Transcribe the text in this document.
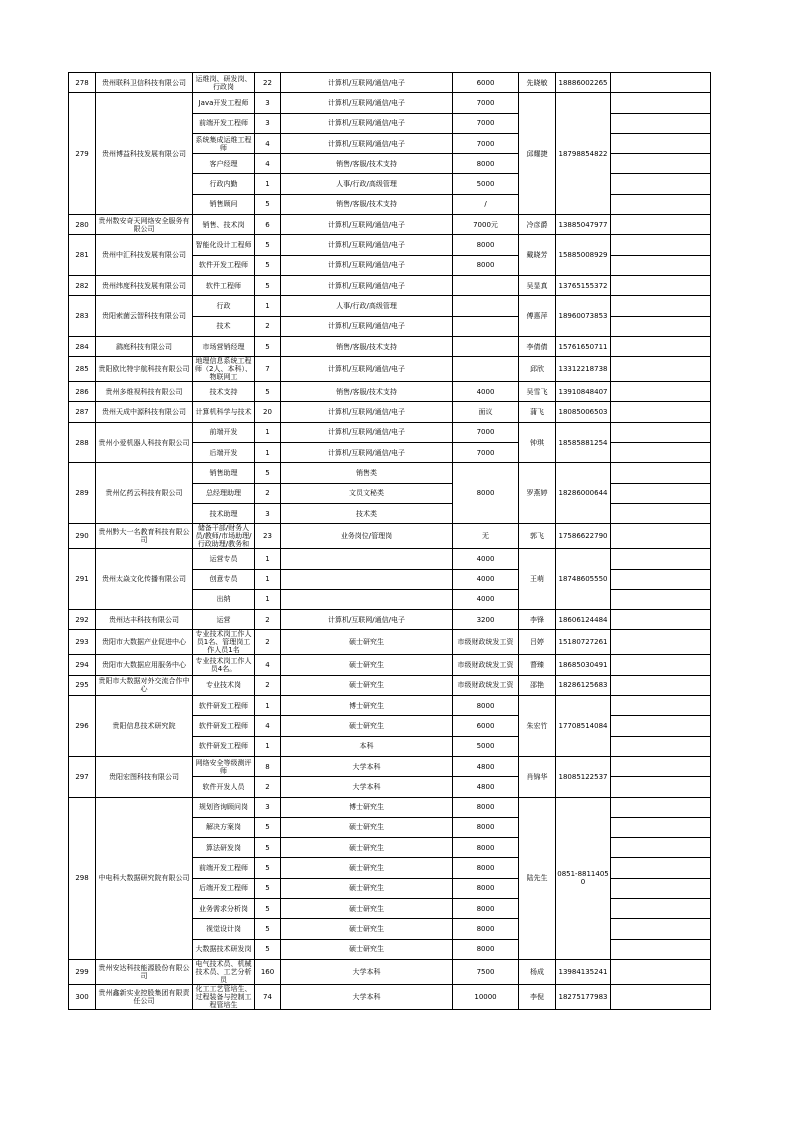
278	贵州联科卫信科技有限公司	运维岗、研发岗、行政岗	22	计算机/互联网/通信/电子	6000	先晓敏	18886002265	
279	贵州博益科技发展有限公司	Java开发工程师	3	计算机/互联网/通信/电子	7000	邱耀捷	18798854822	
		前端开发工程师	3	计算机/互联网/通信/电子	7000			
		系统集成运维工程师	4	计算机/互联网/通信/电子	7000			
		客户经理	4	销售/客服/技术支持	8000			
		行政内勤	1	人事/行政/高级管理	5000			
		销售顾问	5	销售/客服/技术支持	/			
280	贵州数安奇天网络安全服务有限公司	销售、技术岗	6	计算机/互联网/通信/电子	7000元	冷彦爵	13885047977	
281	贵州中汇科技发展有限公司	智能化设计工程师	5	计算机/互联网/通信/电子	8000	戴晓芳	15885008929	
		软件开发工程师	5	计算机/互联网/通信/电子	8000			
282	贵州纬度科技发展有限公司	软件工程师	5	计算机/互联网/通信/电子		吴显真	13765155372	
283	贵阳索菌云智科技有限公司	行政	1	人事/行政/高级管理		傅惠萍	18960073853	
		技术	2	计算机/互联网/通信/电子				
284	鹞庭科技有限公司	市场营销经理	5	销售/客服/技术支持		李倩倩	15761650711	
285	贵阳欧比特宇航科技有限公司	地理信息系统工程师（2人、本科）、物联网工	7	计算机/互联网/通信/电子		邱欣	13312218738	
286	贵州多维视科技有限公司	技术支持	5	销售/客服/技术支持	4000	吴雪飞	13910848407	
287	贵州天成中源科技有限公司	计算机科学与技术	20	计算机/互联网/通信/电子	面议	蒲飞	18085006503	
288	贵州小爱机器人科技有限公司	前端开发	1	计算机/互联网/通信/电子	7000	钟琪	18585881254	
		后端开发	1	计算机/互联网/通信/电子	7000			
289	贵州亿药云科技有限公司	销售助理	5	销售类	8000	罗燕婷	18286000644	
		总经理助理	2	文员文秘类				
		技术助理	3	技术类				
290	贵州黔大一名教育科技有限公司	储备干部/财务人员/教师/市场助理/行政助理/教务和	23	业务岗位/管理岗	无	郭飞	17586622790	
291	贵州太焱文化传播有限公司	运营专员	1		4000	王萌	18748605550	
		创意专员	1		4000			
		出纳	1		4000			
292	贵州达丰科技有限公司	运营	2	计算机/互联网/通信/电子	3200	李锋	18606124484	
293	贵阳市大数据产业促进中心	专业技术岗工作人员1名、管理岗工作人员1名	2	硕士研究生	市级财政统发工资	吕婷	15180727261	
294	贵阳市大数据应用服务中心	专业技术岗工作人员4名。	4	硕士研究生	市级财政统发工资	瞀臻	18685030491	
295	贵阳市大数据对外交流合作中心	专业技术岗	2	硕士研究生	市级财政统发工资	邵艳	18286125683	
296	贵阳信息技术研究院	软件研发工程师	1	博士研究生	8000	朱宏竹	17708514084	
		软件研发工程师	4	硕士研究生	6000			
		软件研发工程师	1	本科	5000			
297	贵阳宏图科技有限公司	网络安全等级测评师	8	大学本科	4800	肖锦华	18085122537	
		软件开发人员	2	大学本科	4800			
298	中电科大数据研究院有限公司	规划咨询顾问岗	3	博士研究生	8000	陆先生	0851-88114050	
		解决方案岗	5	硕士研究生	8000			
		算法研发岗	5	硕士研究生	8000			
		前端开发工程师	5	硕士研究生	8000			
		后端开发工程师	5	硕士研究生	8000			
		业务需求分析岗	5	硕士研究生	8000			
		视觉设计岗	5	硕士研究生	8000			
		大数据技术研发岗	5	硕士研究生	8000			
299	贵州安达科技能源股份有限公司	电气技术员、机械技术员、工艺分析员	160	大学本科	7500	杨成	13984135241	
300	贵州鑫新实业控股集团有限责任公司	化工工艺管培生、过程装备与控制工程管培生	74	大学本科	10000	李倪	18275177983	
